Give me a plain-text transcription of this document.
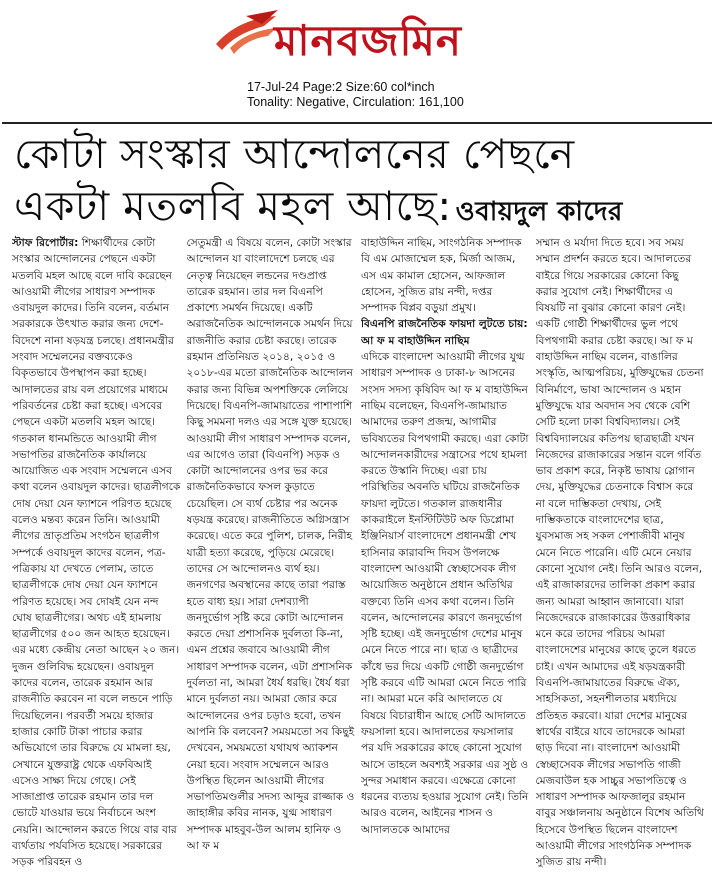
মানবজমিন
17-Jul-24 Page:2 Size:60 col*inch
Tonality: Negative, Circulation: 161,100
কোটা সংস্কার আন্দোলনের পেছনে
একটা মতলবি মহল আছে: ওবায়দুল কাদের

স্টাফ রিপোর্টার: শিক্ষার্থীদের কোটা সংস্কার আন্দোলনের পেছনে একটা মতলবি মহল আছে বলে দাবি করেছেন আওয়ামী লীগের সাধারণ সম্পাদক ওবায়দুল কাদের। তিনি বলেন, বর্তমান সরকারকে উৎখাত করার জন্য দেশে-বিদেশে নানা ষড়যন্ত্র চলছে। প্রধানমন্ত্রীর সংবাদ সম্মেলনের বক্তব্যকেও বিকৃতভাবে উপস্থাপন করা হচ্ছে। আদালতের রায় বল প্রয়োগের মাধ্যমে পরিবর্তনের চেষ্টা করা হচ্ছে। এসবের পেছনে একটা মতলবি মহল আছে। গতকাল ধানমন্ডিতে আওয়ামী লীগ সভাপতির রাজনৈতিক কার্যালয়ে আয়োজিত এক সংবাদ সম্মেলনে এসব কথা বলেন ওবায়দুল কাদের। ছাত্রলীগকে দোষ দেয়া যেন ফ্যাশনে পরিণত হয়েছে বলেও মন্তব্য করেন তিনি। আওয়ামী লীগের ভ্রাতৃপ্রতিম সংগঠন ছাত্রলীগ সম্পর্কে ওবায়দুল কাদের বলেন, পত্র-পত্রিকায় যা দেখতে পেলাম, তাতে ছাত্রলীগকে দোষ দেয়া যেন ফ্যাশনে পরিণত হয়েছে। সব দোষই যেন নন্দ ঘোষ ছাত্রলীগের। অথচ এই হামলায় ছাত্রলীগের ৫০০ জন আহত হয়েছেন। এর মধ্যে কেন্দ্রীয় নেতা আছেন ২০ জন। দুজন গুলিবিদ্ধ হয়েছেন। ওবায়দুল কাদের বলেন, তারেক রহমান আর রাজনীতি করবেন না বলে লন্ডনে পাড়ি দিয়েছিলেন। পরবর্তী সময়ে হাজার হাজার কোটি টাকা পাচার করার অভিযোগে তার বিরুদ্ধে যে মামলা হয়, সেখানে যুক্তরাষ্ট্র থেকে এফবিআই এসেও সাক্ষ্য দিয়ে গেছে। সেই সাজাপ্রাপ্ত তারেক রহমান তার দল ভোটে যাওয়ার ভয়ে নির্বাচনে অংশ নেয়নি। আন্দোলন করতে গিয়ে বার বার ব্যর্থতায় পর্যবসিত হয়েছে। সরকারের সড়ক পরিবহন ও

সেতুমন্ত্রী এ বিষয়ে বলেন, কোটা সংস্কার আন্দোলন যা বাংলাদেশে চলছে এর নেতৃত্ব নিয়েছেন লন্ডনের দণ্ডপ্রাপ্ত তারেক রহমান। তার দল বিএনপি প্রকাশ্যে সমর্থন দিয়েছে। একটি অরাজনৈতিক আন্দোলনকে সমর্থন দিয়ে রাজনীতি করার চেষ্টা করছে। তারেক রহমান প্রতিনিয়ত ২০১৪, ২০১৫ ও ২০১৮-এর মতো রাজনৈতিক আন্দোলন করার জন্য বিভিন্ন অপশক্তিকে লেলিয়ে দিয়েছে। বিএনপি-জামায়াতের পাশাপাশি কিছু সমমনা দলও এর সঙ্গে যুক্ত হয়েছে। আওয়ামী লীগ সাধারণ সম্পাদক বলেন, এর আগেও তারা (বিএনপি) সড়ক ও কোটা আন্দোলনের ওপর ভর করে রাজনৈতিকভাবে ফসল কুড়াতে চেয়েছিল। সে ব্যর্থ চেষ্টার পর অনেক ষড়যন্ত্র করেছে। রাজনীতিতে অগ্নিসন্ত্রাস করেছে। এতে করে পুলিশ, চালক, নিরীহ যাত্রী হত্যা করেছে, পুড়িয়ে মেরেছে। তাদের সে আন্দোলনও ব্যর্থ হয়। জনগণের অবস্থানের কাছে তারা পরাস্ত হতে বাধ্য হয়। সারা দেশব্যাপী জনদুর্ভোগ সৃষ্টি করে কোটা আন্দোলন করতে দেয়া প্রশাসনিক দুর্বলতা কি-না, এমন প্রশ্নের জবাবে আওয়ামী লীগ সাধারণ সম্পাদক বলেন, এটা প্রশাসনিক দুর্বলতা না, আমরা ধৈর্য ধরছি। ধৈর্য ধরা মানে দুর্বলতা নয়। আমরা জোর করে আন্দোলনের ওপর চড়াও হবো, তখন আপনি কি বলবেন? সময়মতো সব কিছুই দেখবেন, সময়মতো যথাযথ অ্যাকশন নেয়া হবে। সংবাদ সম্মেলনে আরও উপস্থিত ছিলেন আওয়ামী লীগের সভাপতিমণ্ডলীর সদস্য আব্দুর রাজ্জাক ও জাহাঙ্গীর কবির নানক, যুগ্ম সাধারণ সম্পাদক মাহবুব-উল আলম হানিফ ও আ ফ ম

বাহাউদ্দিন নাছিম, সাংগঠনিক সম্পাদক বি এম মোজাম্মেল হক, মির্জা আজম, এস এম কামাল হোসেন, আফজাল হোসেন, সুজিত রায় নন্দী, দপ্তর সম্পাদক বিপ্লব বড়ুয়া প্রমুখ।

বিএনপি রাজনৈতিক ফায়দা লুটতে চায়: আ ফ ম বাহাউদ্দিন নাছিম

এদিকে বাংলাদেশ আওয়ামী লীগের যুগ্ম সাধারণ সম্পাদক ও ঢাকা-৮ আসনের সংসদ সদস্য কৃষিবিদ আ ফ ম বাহাউদ্দিন নাছিম বলেছেন, বিএনপি-জামায়াত আমাদের তরুণ প্রজন্ম, আগামীর ভবিষ্যতের বিপথগামী করছে। এরা কোটা আন্দোলনকারীদের সন্ত্রাসের পথে হামলা করতে উস্কানি দিচ্ছে। এরা চায় পরিস্থিতির অবনতি ঘটিয়ে রাজনৈতিক ফায়দা লুটতে। গতকাল রাজধানীর কাকরাইলে ইনস্টিটিউট অফ ডিপ্লোমা ইঞ্জিনিয়ার্স বাংলাদেশে প্রধানমন্ত্রী শেখ হাসিনার কারাবন্দি দিবস উপলক্ষে বাংলাদেশ আওয়ামী স্বেচ্ছাসেবক লীগ আয়োজিত অনুষ্ঠানে প্রধান অতিথির বক্তব্যে তিনি এসব কথা বলেন। তিনি বলেন, আন্দোলনের কারণে জনদুর্ভোগ সৃষ্টি হচ্ছে। এই জনদুর্ভোগ দেশের মানুষ মেনে নিতে পারে না। ছাত্র ও ছাত্রীদের কাঁধে ভর দিয়ে একটি গোষ্ঠী জনদুর্ভোগ সৃষ্টি করবে এটি আমরা মেনে নিতে পারি না। আমরা মনে করি আদালতে যে বিষয়ে বিচারাধীন আছে সেটি আদালতে ফয়সালা হবে। আদালতের ফয়সালার পর যদি সরকারের কাছে কোনো সুযোগ আসে তাহলে অবশ্যই সরকার এর সুষ্ঠ ও সুন্দর সমাধান করবে। এক্ষেত্রে কোনো ধরনের ব্যত্যয় হওয়ার সুযোগ নেই। তিনি আরও বলেন, আইনের শাসন ও আদালতকে আমাদের

সম্মান ও মর্যাদা দিতে হবে। সব সময় সম্মান প্রদর্শন করতে হবে। আদালতের বাইরে গিয়ে সরকারের কোনো কিছু করার সুযোগ নেই। শিক্ষার্থীদের এ বিষয়টি না বুঝার কোনো কারণ নেই। একটি গোষ্ঠী শিক্ষার্থীদের ভুল পথে বিপথগামী করার চেষ্টা করছে। আ ফ ম বাহাউদ্দিন নাছিম বলেন, বাঙালির সংস্কৃতি, আত্মপরিচয়, মুক্তিযুদ্ধের চেতনা বিনির্মাণে, ভাষা আন্দোলন ও মহান মুক্তিযুদ্ধে যার অবদান সব থেকে বেশি সেটি হলো ঢাকা বিশ্ববিদ্যালয়। সেই বিশ্ববিদ্যালয়ের কতিপয় ছাত্রছাত্রী যখন নিজেদের রাজাকারের সন্তান বলে গর্বিত ভাব প্রকাশ করে, নিকৃষ্ট ভাষায় স্লোগান দেয়, মুক্তিযুদ্ধের চেতনাকে বিশ্বাস করে না বলে দাম্ভিকতা দেখায়, সেই দাম্ভিকতাকে বাংলাদেশের ছাত্র, যুবসমাজ সহ সকল পেশাজীবী মানুষ মেনে নিতে পারেনি। এটি মেনে নেয়ার কোনো সুযোগ নেই। তিনি আরও বলেন, এই রাজাকারদের তালিকা প্রকাশ করার জন্য আমরা আহ্বান জানাবো। যারা নিজেদেরকে রাজাকারের উত্তরাধিকার মনে করে তাদের পরিচয় আমরা বাংলাদেশের মানুষের কাছে তুলে ধরতে চাই। এখন আমাদের এই ষড়যন্ত্রকারী বিএনপি-জামায়াতের বিরুদ্ধে ঐক্য, সাহসিকতা, সহনশীলতার মধ্যদিয়ে প্রতিহত করবো। যারা দেশের মানুষের স্বার্থের বাইরে যাবে তাদেরকে আমরা ছাড় দিবো না। বাংলাদেশ আওয়ামী স্বেচ্ছাসেবক লীগের সভাপতি গাজী মেজবাউল হক সাচ্চুর সভাপতিত্বে ও সাধারণ সম্পাদক আফজালুর রহমান বাবুর সঞ্চালনায় অনুষ্ঠানে বিশেষ অতিথি হিসেবে উপস্থিত ছিলেন বাংলাদেশ আওয়ামী লীগের সাংগঠনিক সম্পাদক সুজিত রায় নন্দী।
